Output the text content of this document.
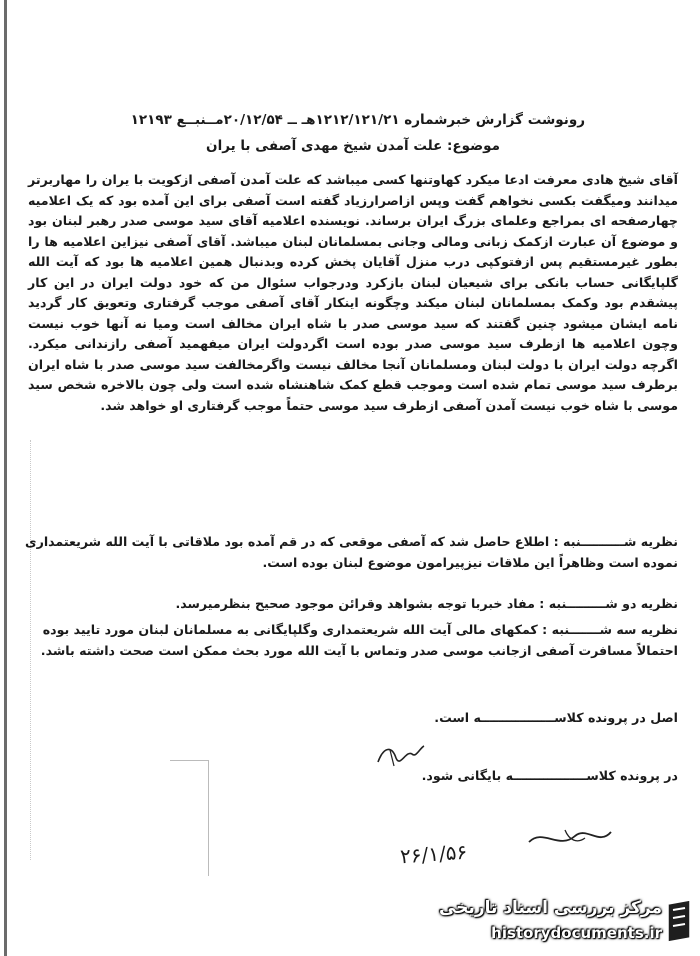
رونوشت گزارش خبرشماره ۱۲۱۲/۱۲۱/۲۱هـ ــ ۲۰/۱۲/۵۴مــنبــع ۱۲۱۹۳
موضوع: علت آمدن شیخ مهدی آصفی با یران

آقای شیخ هادی معرفت ادعا میکرد کهاوتنها کسی میباشد که علت آمدن آصفی ازکویت با یران را مهاربرتر میدانند ومیگفت بکسی نخواهم گفت وپس ازاصرارزیاد گفته است آصفی برای این آمده بود که یک اعلامیه چهارصفحه ای بمراجع وعلمای بزرگ ایران برساند. نویسنده اعلامیه آقای سید موسی صدر رهبر لبنان بود و موضوع آن عبارت ازکمک زبانی ومالی وجانی بمسلمانان لبنان میباشد. آقای آصفی نیزاین اعلامیه ها را بطور غیرمستقیم پس ازفتوکپی درب منزل آقایان پخش کرده وبدنبال همین اعلامیه ها بود که آیت الله گلپایگانی حساب بانکی برای شیعیان لبنان بازکرد ودرجواب سئوال من که خود دولت ایران در این کار پیشقدم بود وکمک بمسلمانان لبنان میکند وچگونه اینکار آقای آصفی موجب گرفتاری وتعویق کار گردید نامه ایشان میشود چنین گفتند که سید موسی صدر با شاه ایران مخالف است ومیا نه آنها خوب نیست وچون اعلامیه ها ازطرف سید موسی صدر بوده است اگردولت ایران میفهمید آصفی رازندانی میکرد. اگرچه دولت ایران با دولت لبنان ومسلمانان آنجا مخالف نیست واگرمخالفت سید موسی صدر با شاه ایران برطرف سید موسی تمام شده است وموجب قطع کمک شاهنشاه شده است ولی چون بالاخره شخص سید موسی با شاه خوب نیست آمدن آصفی ازطرف سید موسی حتماً موجب گرفتاری او خواهد شد.

نظریه شــــــــــنبه : اطلاع حاصل شد که آصفی موقعی که در قم آمده بود ملاقاتی با آیت الله شریعتمداری

نموده است وظاهراً این ملاقات نیزپیرامون موضوع لبنان بوده است.

نظریه دو شـــــــــنبه : مفاد خبربا توجه بشواهد وقرائن موجود صحیح بنظرمیرسد.

نظریه سه شـــــــنبه : کمکهای مالی آیت الله شریعتمداری وگلپایگانی به مسلمانان لبنان مورد تایید بوده

احتمالاً مسافرت آصفی ازجانب موسی صدر وتماس با آیت الله مورد بحث ممکن است صحت داشته باشد.

اصل در پرونده کلاســـــــــــــــــه است.

در پرونده کلاســـــــــــــــــه بایگانی شود.

۲۶/۱/۵۶
مرکز بررسی اسناد تاریخی
historydocuments.ir
